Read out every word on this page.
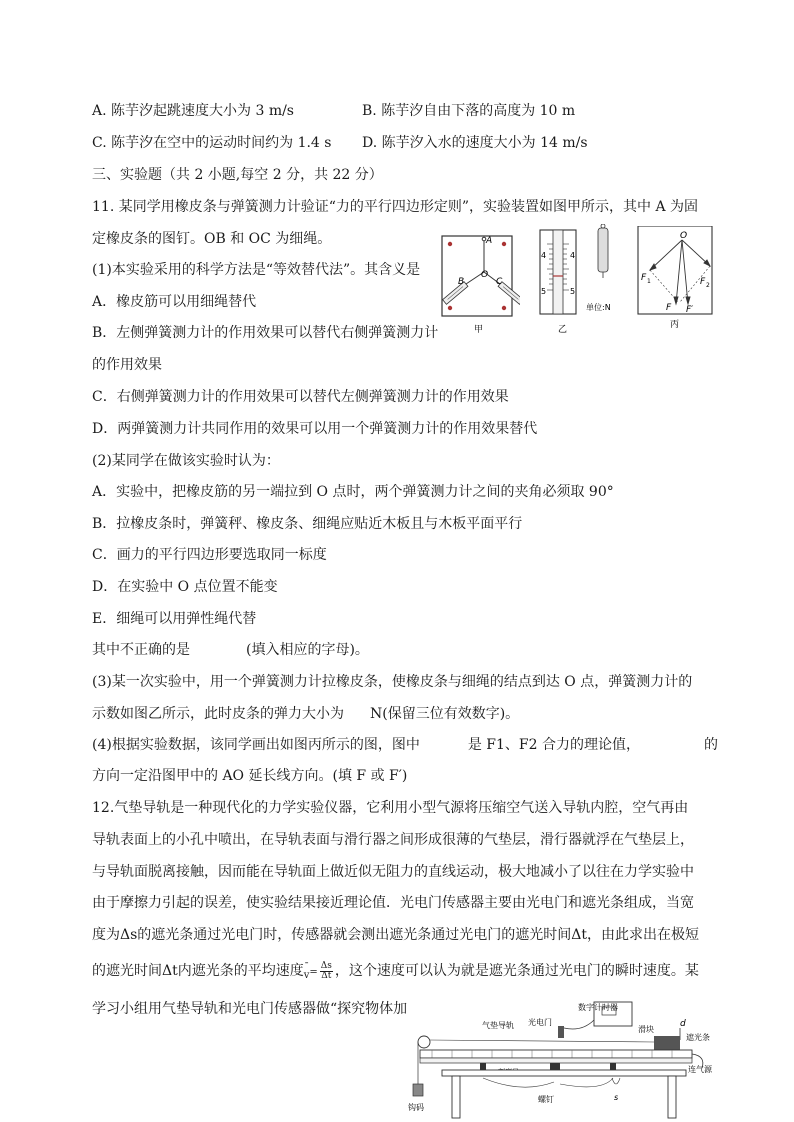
A. 陈芋汐起跳速度大小为 3 m/s	B. 陈芋汐自由下落的高度为 10 m
C. 陈芋汐在空中的运动时间约为 1.4 s D. 陈芋汐入水的速度大小为 14 m/s
三、实验题（共 2 小题,每空 2 分，共 22 分）
11. 某同学用橡皮条与弹簧测力计验证“力的平行四边形定则”，实验装置如图甲所示，其中 A 为固
定橡皮条的图钉。OB 和 OC 为细绳。
(1)本实验采用的科学方法是“等效替代法”。其含义是
A．橡皮筋可以用细绳替代
B．左侧弹簧测力计的作用效果可以替代右侧弹簧测力计
的作用效果
C．右侧弹簧测力计的作用效果可以替代左侧弹簧测力计的作用效果
D．两弹簧测力计共同作用的效果可以用一个弹簧测力计的作用效果替代
(2)某同学在做该实验时认为：
A．实验中，把橡皮筋的另一端拉到 O 点时，两个弹簧测力计之间的夹角必须取 90°
B．拉橡皮条时，弹簧秤、橡皮条、细绳应贴近木板且与木板平面平行
C．画力的平行四边形要选取同一标度
D．在实验中 O 点位置不能变
E．细绳可以用弹性绳代替
其中不正确的是	(填入相应的字母)。
(3)某一次实验中，用一个弹簧测力计拉橡皮条，使橡皮条与细绳的结点到达 O 点，弹簧测力计的
示数如图乙所示，此时皮条的弹力大小为 N(保留三位有效数字)。
(4)根据实验数据，该同学画出如图丙所示的图，图中	是 F1、F2 合力的理论值，	的
方向一定沿图甲中的 AO 延长线方向。(填 F 或 F′)
A
B
O
C
甲
4
5
4
5
单位:N
乙
O
F 1	F 2
F F′
丙
12.气垫导轨是一种现代化的力学实验仪器，它利用小型气源将压缩空气送入导轨内腔，空气再由
导轨表面上的小孔中喷出，在导轨表面与滑行器之间形成很薄的气垫层，滑行器就浮在气垫层上，
与导轨面脱离接触，因而能在导轨面上做近似无阻力的直线运动，极大地减小了以往在力学实验中
由于摩擦力引起的误差，使实验结果接近理论值．光电门传感器主要由光电门和遮光条组成，当宽
度为Δs的遮光条通过光电门时，传感器就会测出遮光条通过光电门的遮光时间Δt，由此求出在极短
的遮光时间Δt内遮光条的平均速度 ˉ
$_v= \frac{\Delta s}{\Delta t}$ ，这个速度可以认为就是遮光条通过光电门的瞬时速度。某
学习小组用气垫导轨和光电门传感器做“探究物体加	数字计时器
光电门
气垫导轨	滑块
d
遮光条
钩码
连气源
螺钉	s
